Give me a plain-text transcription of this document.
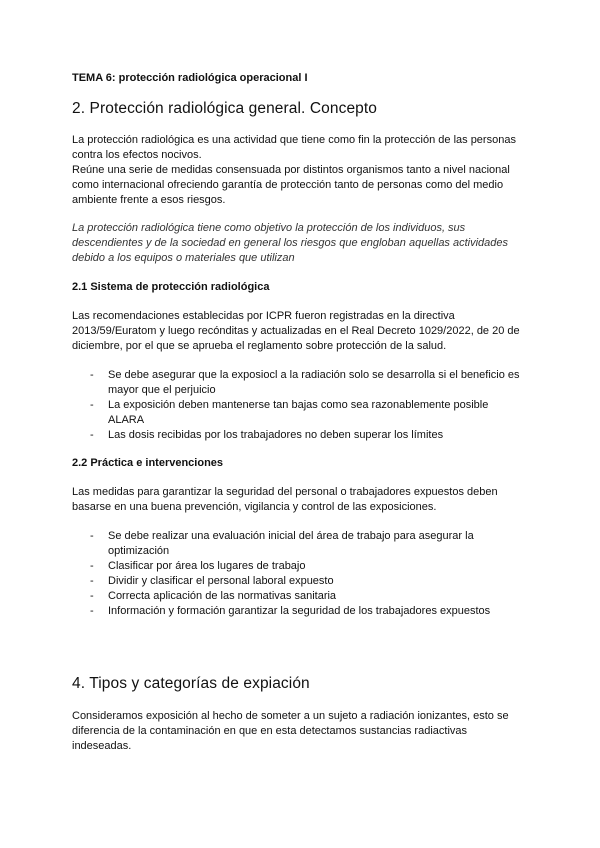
TEMA 6: protección radiológica operacional I
2. Protección radiológica general. Concepto
La protección radiológica es una actividad que tiene como fin la protección de las personas
contra los efectos nocivos.
Reúne una serie de medidas consensuada por distintos organismos tanto a nivel nacional
como internacional ofreciendo garantía de protección tanto de personas como del medio
ambiente frente a esos riesgos.
La protección radiológica tiene como objetivo la protección de los individuos, sus
descendientes y de la sociedad en general los riesgos que engloban aquellas actividades
debido a los equipos o materiales que utilizan
2.1 Sistema de protección radiológica
Las recomendaciones establecidas por ICPR fueron registradas en la directiva
2013/59/Euratom y luego recónditas y actualizadas en el Real Decreto 1029/2022, de 20 de
diciembre, por el que se aprueba el reglamento sobre protección de la salud.
- Se debe asegurar que la exposiocl a la radiación solo se desarrolla si el beneficio es
mayor que el perjuicio
- La exposición deben mantenerse tan bajas como sea razonablemente posible
ALARA
- Las dosis recibidas por los trabajadores no deben superar los límites
2.2 Práctica e intervenciones
Las medidas para garantizar la seguridad del personal o trabajadores expuestos deben
basarse en una buena prevención, vigilancia y control de las exposiciones.
- Se debe realizar una evaluación inicial del área de trabajo para asegurar la
optimización
- Clasificar por área los lugares de trabajo
- Dividir y clasificar el personal laboral expuesto
- Correcta aplicación de las normativas sanitaria
- Información y formación garantizar la seguridad de los trabajadores expuestos
4. Tipos y categorías de expiación
Consideramos exposición al hecho de someter a un sujeto a radiación ionizantes, esto se
diferencia de la contaminación en que en esta detectamos sustancias radiactivas
indeseadas.
